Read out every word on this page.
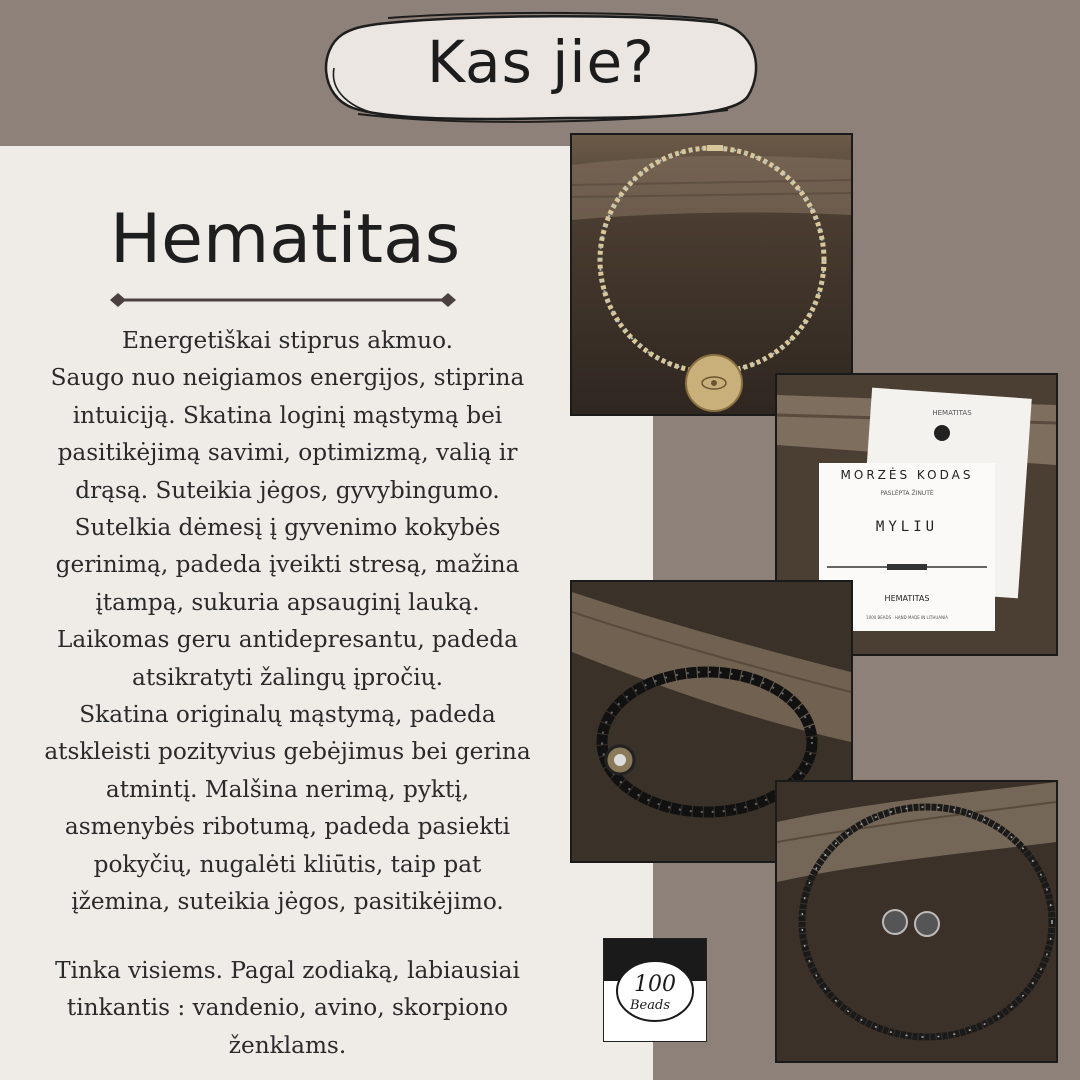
Kas jie?
Hematitas

Energetiškai stiprus akmuo.

Saugo nuo neigiamos energijos, stiprina

intuiciją. Skatina loginį mąstymą bei

pasitikėjimą savimi, optimizmą, valią ir

drąsą. Suteikia jėgos, gyvybingumo.

Sutelkia dėmesį į gyvenimo kokybės

gerinimą, padeda įveikti stresą, mažina

įtampą, sukuria apsauginį lauką.

Laikomas geru antidepresantu, padeda

atsikratyti žalingų įpročių.

Skatina originalų mąstymą, padeda

atskleisti pozityvius gebėjimus bei gerina

atmintį. Malšina nerimą, pyktį,

asmenybės ribotumą, padeda pasiekti

pokyčių, nugalėti kliūtis, taip pat

įžemina, suteikia jėgos, pasitikėjimo.

Tinka visiems. Pagal zodiaką, labiausiai

tinkantis : vandenio, avino, skorpiono

ženklams.

HEMATITAS
MORZĖS KODAS
PASLĖPTA ŽINUTĖ
MYLIU
HEMATITAS
1000 BEADS · HAND MADE IN LITHUANIA
100
Beads
